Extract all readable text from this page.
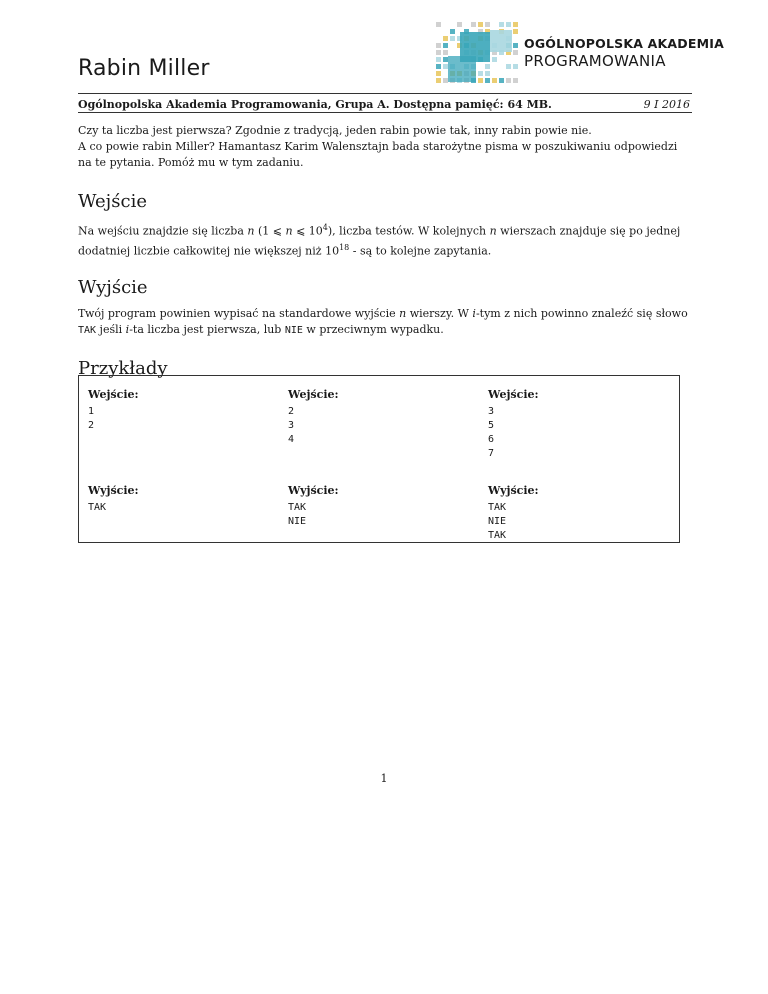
Rabin Miller
OGÓLNOPOLSKA AKADEMIA
PROGRAMOWANIA
Ogólnopolska Akademia Programowania, Grupa A. Dostępna pamięć: 64 MB.	9 I 2016

Czy ta liczba jest pierwsza? Zgodnie z tradycją, jeden rabin powie tak, inny rabin powie nie.

A co powie rabin Miller? Hamantasz Karim Walensztajn bada starożytne pisma w poszukiwaniu odpowiedzi na te pytania. Pomóż mu w tym zadaniu.

Wejście

Na wejściu znajdzie się liczba n (1 ⩽ n ⩽ $10^4$), liczba testów. W kolejnych n wierszach znajduje się po jednej dodatniej liczbie całkowitej nie większej niż $10^{18}$ - są to kolejne zapytania.

Wyjście

Twój program powinien wypisać na standardowe wyjście n wierszy. W i-tym z nich powinno znaleźć się słowo TAK jeśli i-ta liczba jest pierwsza, lub NIE w przeciwnym wypadku.

Przykłady
Wejście:
1
2
Wyjście:
TAK
Wejście:
2
3
4
Wyjście:
TAK
NIE
Wejście:
3
5
6
7
Wyjście:
TAK
NIE
TAK
1
